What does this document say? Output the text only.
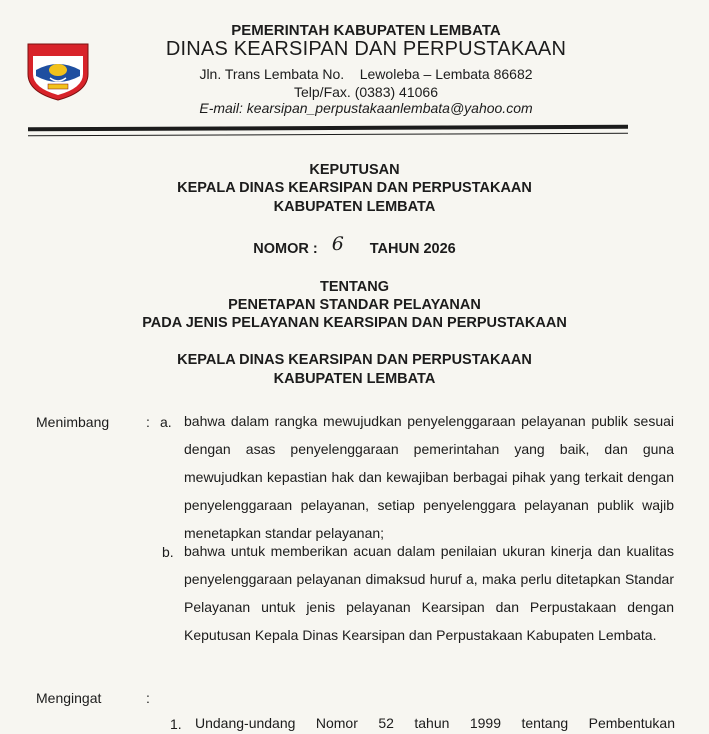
PEMERINTAH KABUPATEN LEMBATA
DINAS KEARSIPAN DAN PERPUSTAKAAN
Jln. Trans Lembata No.    Lewoleba – Lembata 86682
Telp/Fax. (0383) 41066
E-mail: kearsipan_perpustakaanlembata@yahoo.com
KEPUTUSAN
KEPALA DINAS KEARSIPAN DAN PERPUSTAKAAN
KABUPATEN LEMBATA
NOMOR : 6 TAHUN 2026
TENTANG
PENETAPAN STANDAR PELAYANAN
PADA JENIS PELAYANAN KEARSIPAN DAN PERPUSTAKAAN
KEPALA DINAS KEARSIPAN DAN PERPUSTAKAAN
KABUPATEN LEMBATA
Menimbang	: a. bahwa dalam rangka mewujudkan penyelenggaraan pelayanan publik sesuai dengan asas penyelenggaraan pemerintahan yang baik, dan guna mewujudkan kepastian hak dan kewajiban berbagai pihak yang terkait dengan penyelenggaraan pelayanan, setiap penyelenggara pelayanan publik wajib menetapkan standar pelayanan;
b. bahwa untuk memberikan acuan dalam penilaian ukuran kinerja dan kualitas penyelenggaraan pelayanan dimaksud huruf a, maka perlu ditetapkan Standar Pelayanan untuk jenis pelayanan Kearsipan dan Perpustakaan dengan Keputusan Kepala Dinas Kearsipan dan Perpustakaan Kabupaten Lembata.
Mengingat	:
1. Undang-undang Nomor 52 tahun 1999 tentang Pembentukan
